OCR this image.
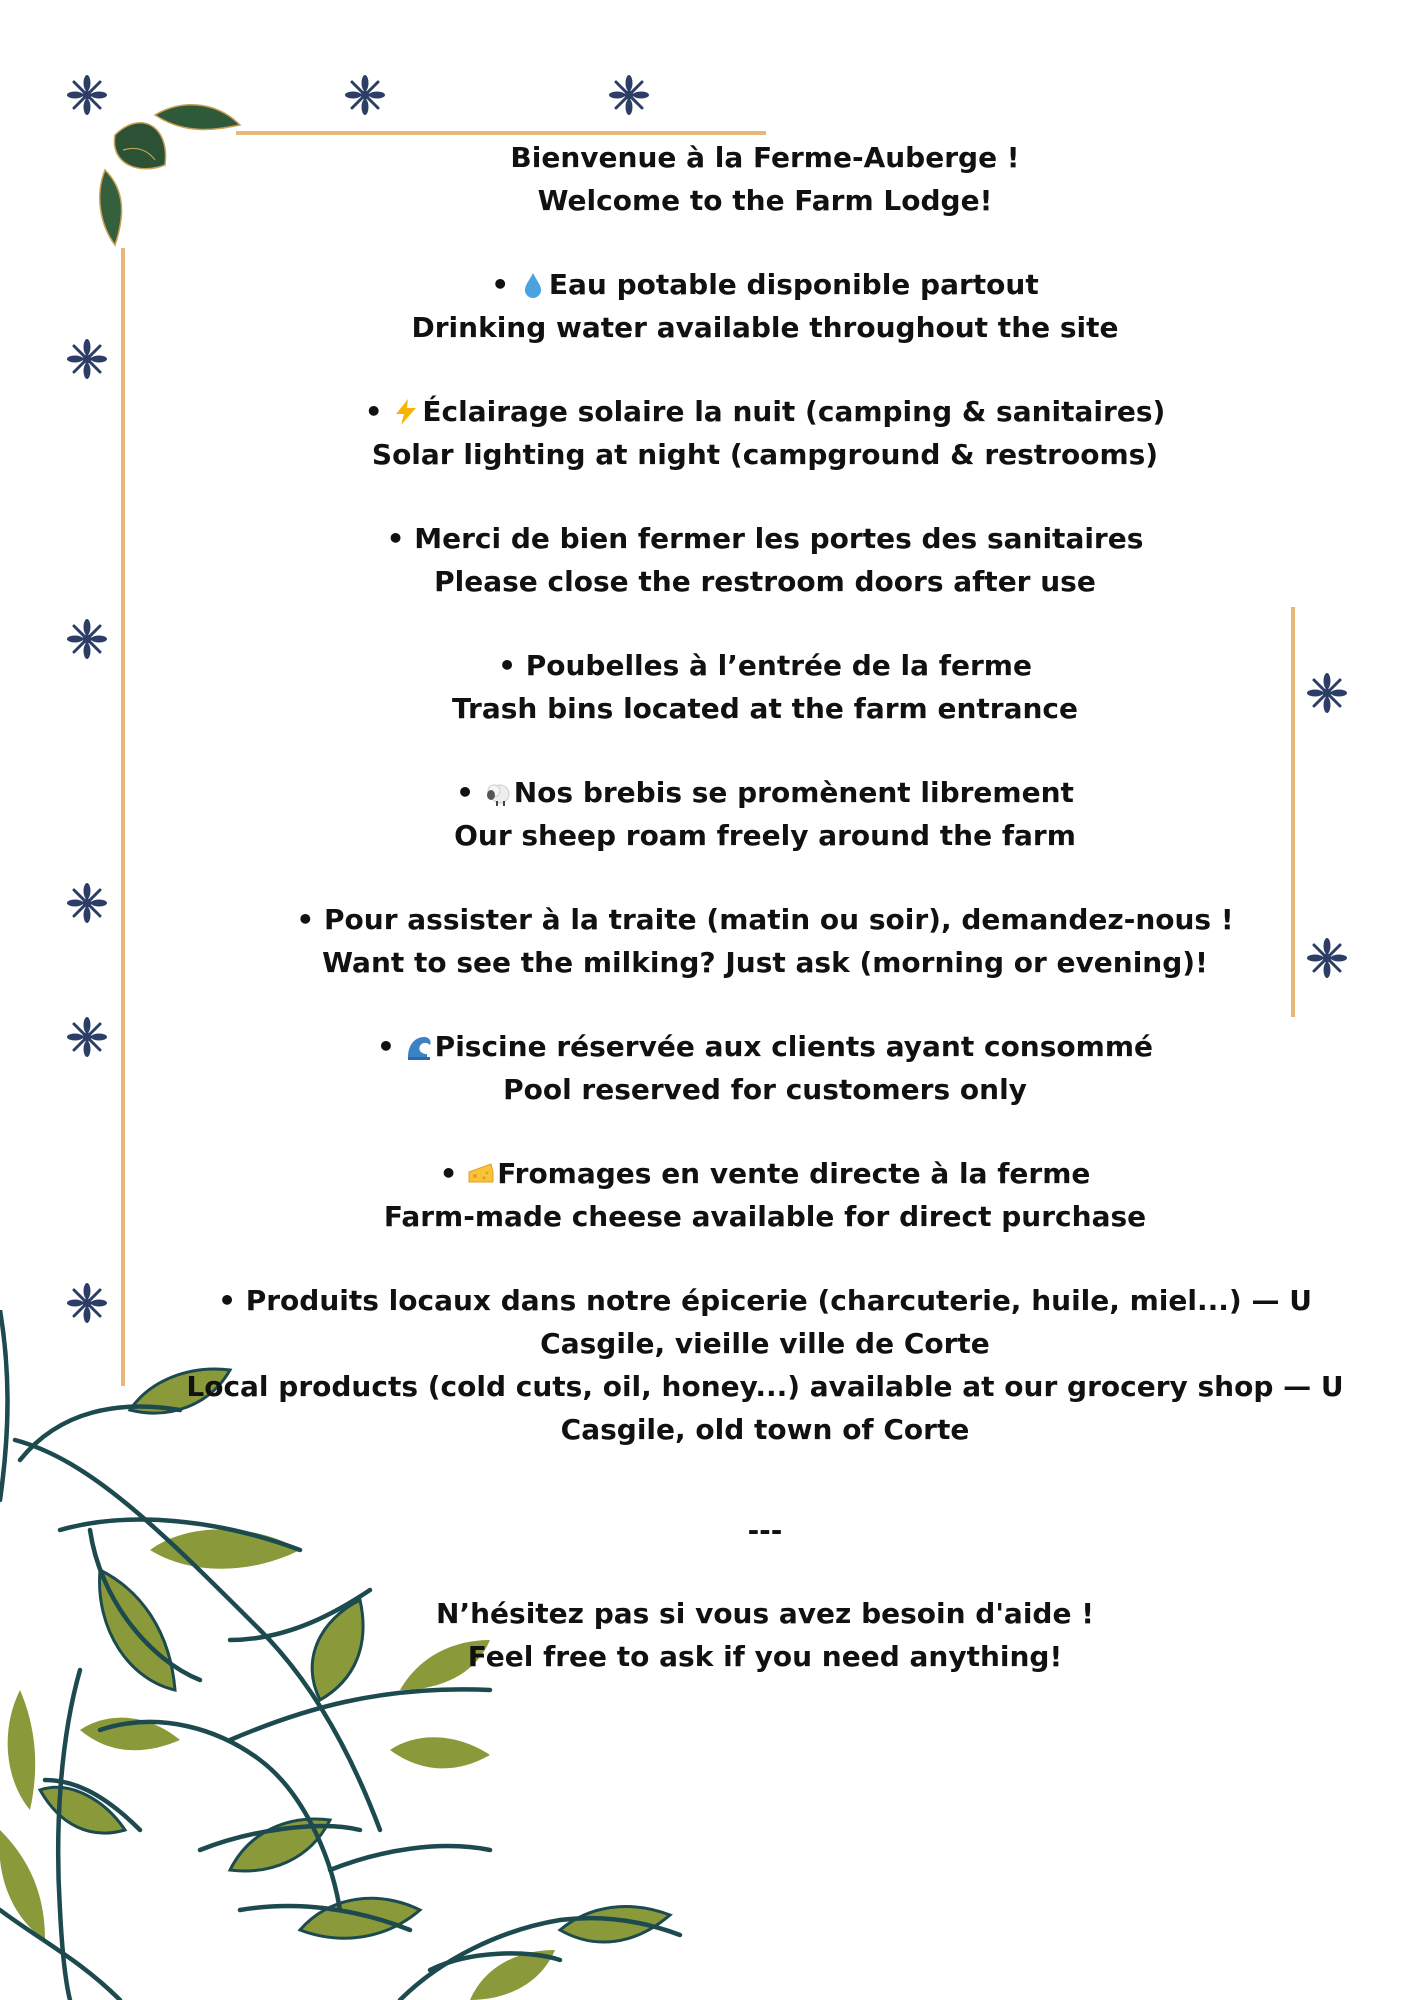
Bienvenue à la Ferme-Auberge !

Welcome to the Farm Lodge!

• Eau potable disponible partout

Drinking water available throughout the site

• Éclairage solaire la nuit (camping & sanitaires)

Solar lighting at night (campground & restrooms)

• Merci de bien fermer les portes des sanitaires

Please close the restroom doors after use

• Poubelles à l’entrée de la ferme

Trash bins located at the farm entrance

• Nos brebis se promènent librement

Our sheep roam freely around the farm

• Pour assister à la traite (matin ou soir), demandez-nous !

Want to see the milking? Just ask (morning or evening)!

• Piscine réservée aux clients ayant consommé

Pool reserved for customers only

• Fromages en vente directe à la ferme

Farm-made cheese available for direct purchase

• Produits locaux dans notre épicerie (charcuterie, huile, miel...) — U Casgile, vieille ville de Corte

Local products (cold cuts, oil, honey...) available at our grocery shop — U Casgile, old town of Corte

---

N’hésitez pas si vous avez besoin d'aide !

Feel free to ask if you need anything!
